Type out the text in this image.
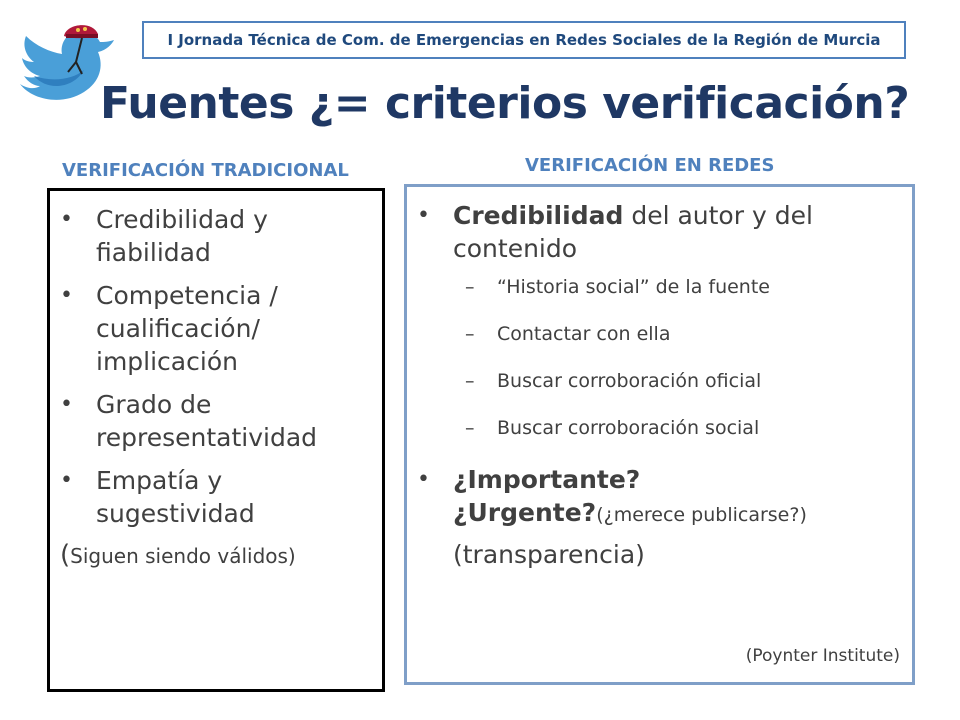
I Jornada Técnica de Com. de Emergencias en Redes Sociales de la Región de Murcia
Fuentes ¿= criterios verificación?
VERIFICACIÓN TRADICIONAL	VERIFICACIÓN EN REDES
• Credibilidad y fiabilidad
• Competencia / cualificación/ implicación
• Grado de representatividad
• Empatía y sugestividad
(Siguen siendo válidos)
• Credibilidad del autor y del contenido
–	“Historia social” de la fuente
–	Contactar con ella
–	Buscar corroboración oficial
–	Buscar corroboración social
• ¿Importante?
¿Urgente?(¿merece publicarse?)
(transparencia)
(Poynter Institute)
